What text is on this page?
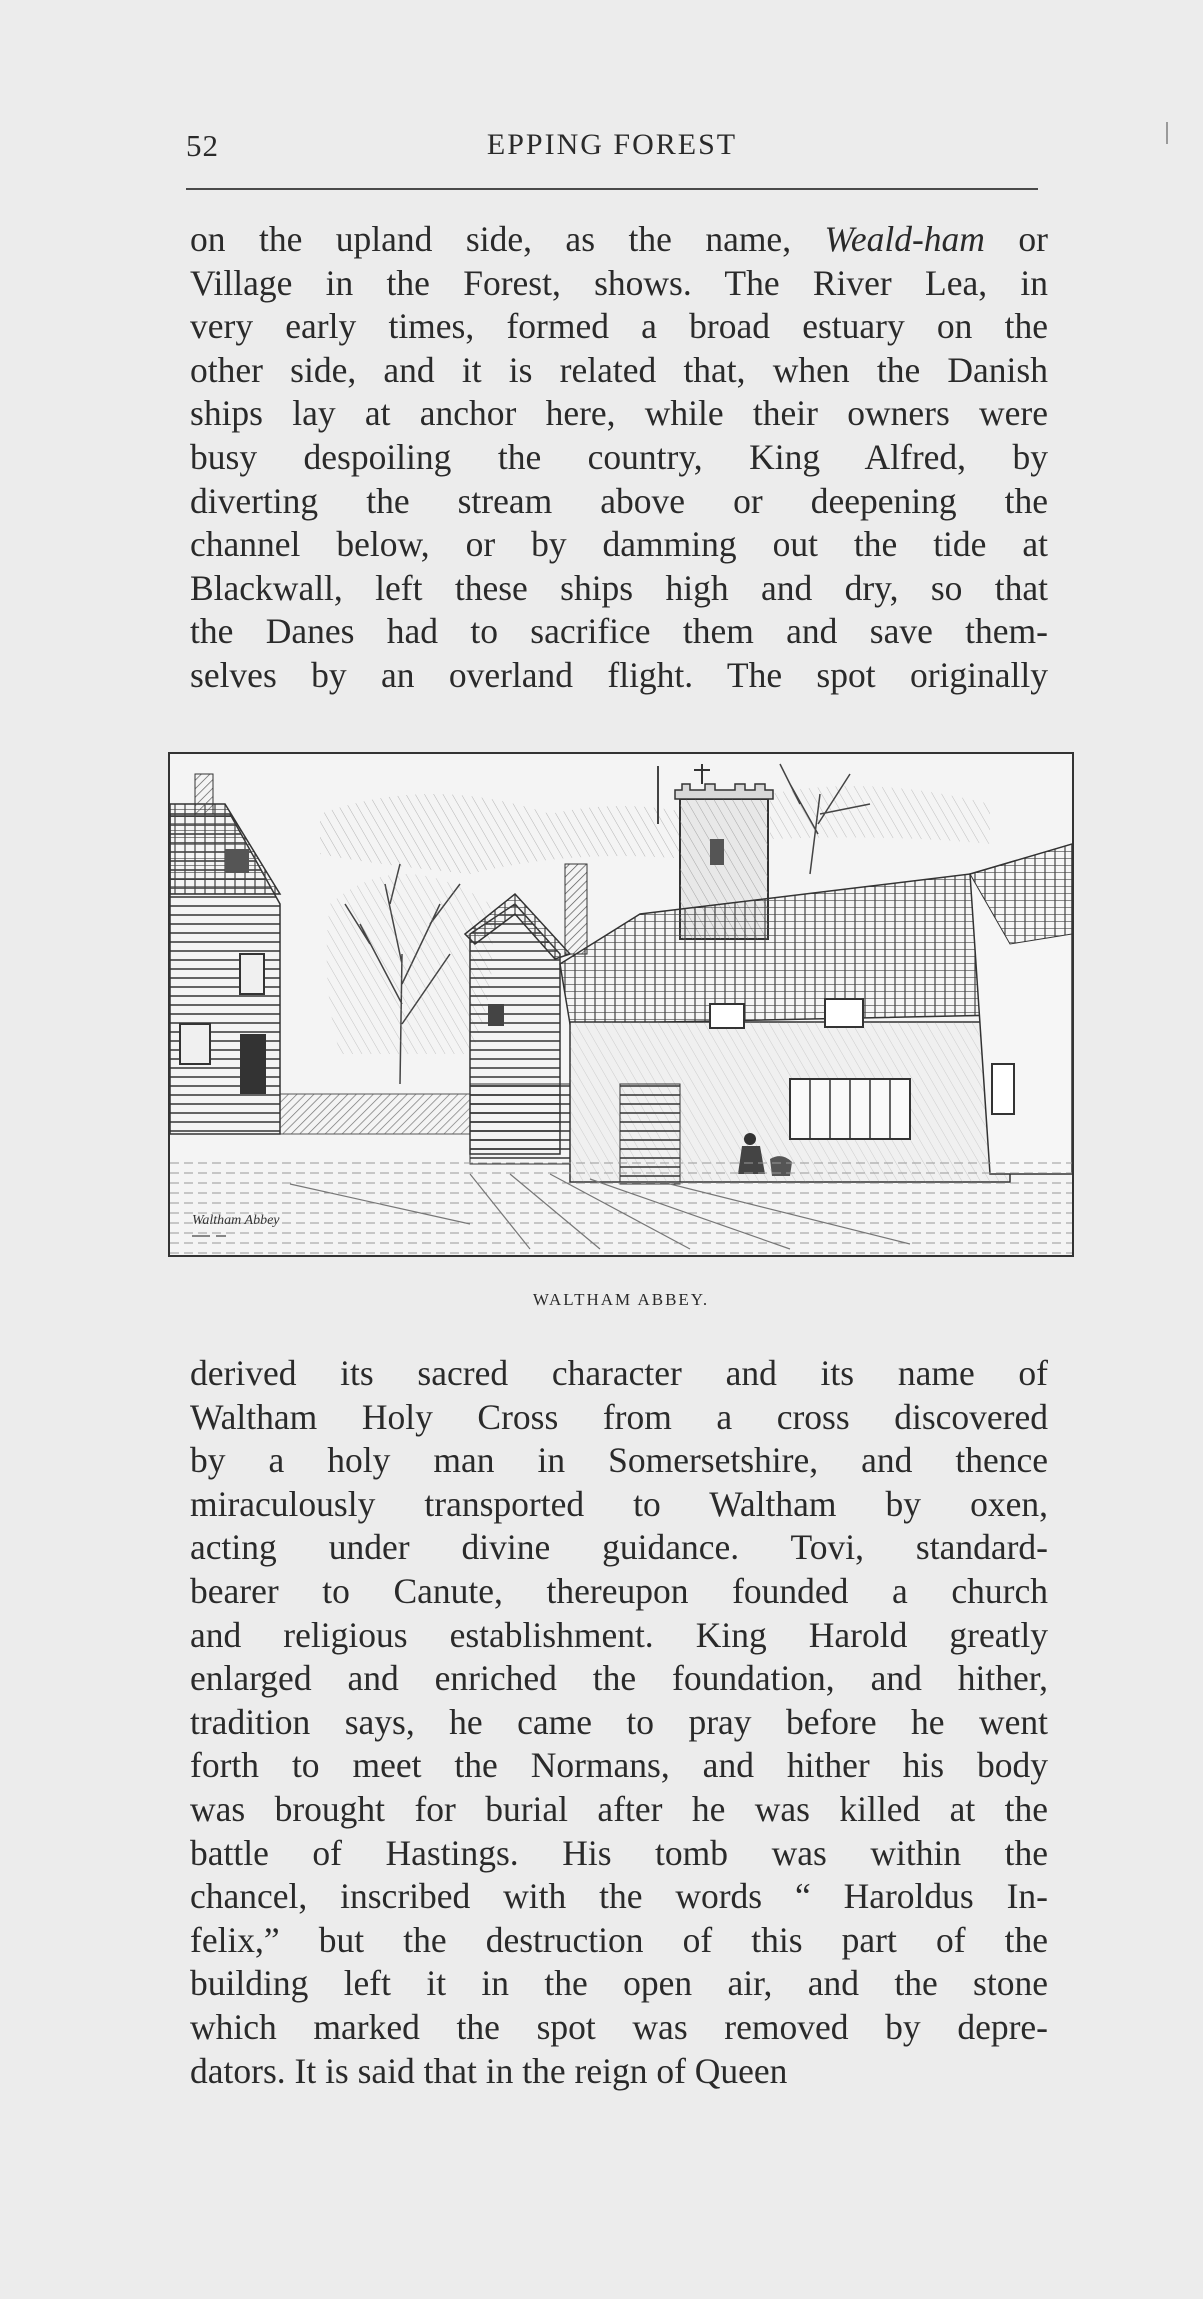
52	EPPING FOREST
on the upland side, as the name, Weald-ham or
Village in the Forest, shows. The River Lea, in
very early times, formed a broad estuary on the
other side, and it is related that, when the Danish
ships lay at anchor here, while their owners were
busy despoiling the country, King Alfred, by
diverting the stream above or deepening the
channel below, or by damming out the tide at
Blackwall, left these ships high and dry, so that
the Danes had to sacrifice them and save them-
selves by an overland flight. The spot originally
Waltham Abbey
WALTHAM ABBEY.
derived its sacred character and its name of
Waltham Holy Cross from a cross discovered
by a holy man in Somersetshire, and thence
miraculously transported to Waltham by oxen,
acting under divine guidance. Tovi, standard-
bearer to Canute, thereupon founded a church
and religious establishment. King Harold greatly
enlarged and enriched the foundation, and hither,
tradition says, he came to pray before he went
forth to meet the Normans, and hither his body
was brought for burial after he was killed at the
battle of Hastings. His tomb was within the
chancel, inscribed with the words “ Haroldus In-
felix,” but the destruction of this part of the
building left it in the open air, and the stone
which marked the spot was removed by depre-
dators. It is said that in the reign of Queen
